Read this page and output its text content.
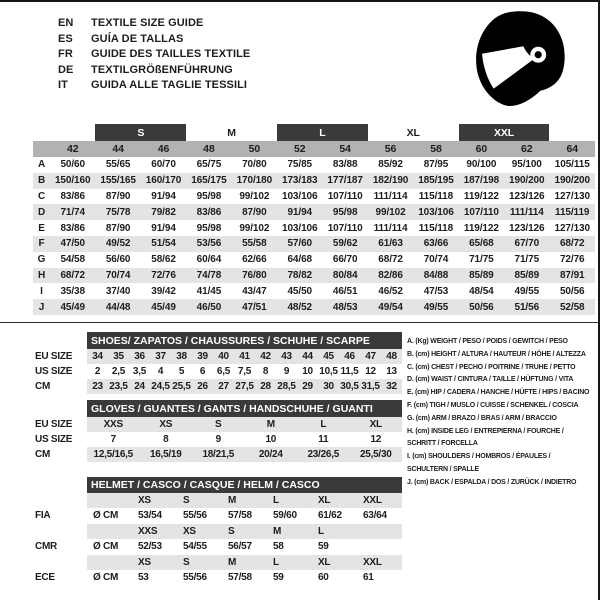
EN	TEXTILE SIZE GUIDE
ES	GUÍA DE TALLAS
FR	GUIDE DES TAILLES TEXTILE
DE	TEXTILGRÖßENFÜHRUNG
IT	GUIDA ALLE TAGLIE TESSILI
		S		M		L		XL		XXL		
	42	44	46	48	50	52	54	56	58	60	62	64
A	50/60	55/65	60/70	65/75	70/80	75/85	83/88	85/92	87/95	90/100	95/100	105/115
B	150/160	155/165	160/170	165/175	170/180	173/183	177/187	182/190	185/195	187/198	190/200	190/200
C	83/86	87/90	91/94	95/98	99/102	103/106	107/110	111/114	115/118	119/122	123/126	127/130
D	71/74	75/78	79/82	83/86	87/90	91/94	95/98	99/102	103/106	107/110	111/114	115/119
E	83/86	87/90	91/94	95/98	99/102	103/106	107/110	111/114	115/118	119/122	123/126	127/130
F	47/50	49/52	51/54	53/56	55/58	57/60	59/62	61/63	63/66	65/68	67/70	68/72
G	54/58	56/60	58/62	60/64	62/66	64/68	66/70	68/72	70/74	71/75	71/75	72/76
H	68/72	70/74	72/76	74/78	76/80	78/82	80/84	82/86	84/88	85/89	85/89	87/91
I	35/38	37/40	39/42	41/45	43/47	45/50	46/51	46/52	47/53	48/54	49/55	50/56
J	45/49	44/48	45/49	46/50	47/51	48/52	48/53	49/54	49/55	50/56	51/56	52/58
	SHOES/ ZAPATOS / CHAUSSURES / SCHUHE / SCARPE														
EU SIZE	34	35	36	37	38	39	40	41	42	43	44	45	46	47	48
US SIZE	2	2,5	3,5	4	5	6	6,5	7,5	8	9	10	10,5	11,5	12	13
CM	23	23,5	24	24,5	25,5	26	27	27,5	28	28,5	29	30	30,5	31,5	32
	GLOVES / GUANTES / GANTS / HANDSCHUHE / GUANTI					
EU SIZE	XXS	XS	S	M	L	XL
US SIZE	7	8	9	10	11	12
CM	12,5/16,5	16,5/19	18/21,5	20/24	23/26,5	25,5/30
	HELMET / CASCO / CASQUE / HELM / CASCO						
		XS	S	M	L	XL	XXL
FIA	Ø CM	53/54	55/56	57/58	59/60	61/62	63/64
		XXS	XS	S	M	L	
CMR	Ø CM	52/53	54/55	56/57	58	59	
		XS	S	M	L	XL	XXL
ECE	Ø CM	53	55/56	57/58	59	60	61
A. (Kg) WEIGHT / PESO / POIDS / GEWITCH / PESO
B. (cm) HEIGHT / ALTURA / HAUTEUR / HÖHE / ALTEZZA
C. (cm) CHEST / PECHO / POITRINE / TRUHE / PETTO
D. (cm) WAIST / CINTURA / TAILLE / HÜFTUNG / VITA
E. (cm) HIP / CADERA / HANCHE / HÜFTE / HIPS / BACINO
F. (cm) TIGH / MUSLO / CUISSE / SCHENKEL / COSCIA
G. (cm) ARM / BRAZO / BRAS / ARM / BRACCIO
H. (cm) INSIDE LEG / ENTREPIERNA / FOURCHE / SCHRITT / FORCELLA
I. (cm) SHOULDERS / HOMBROS / ÉPAULES / SCHULTERN / SPALLE
J. (cm) BACK / ESPALDA / DOS / ZURÜCK / INDIETRO
